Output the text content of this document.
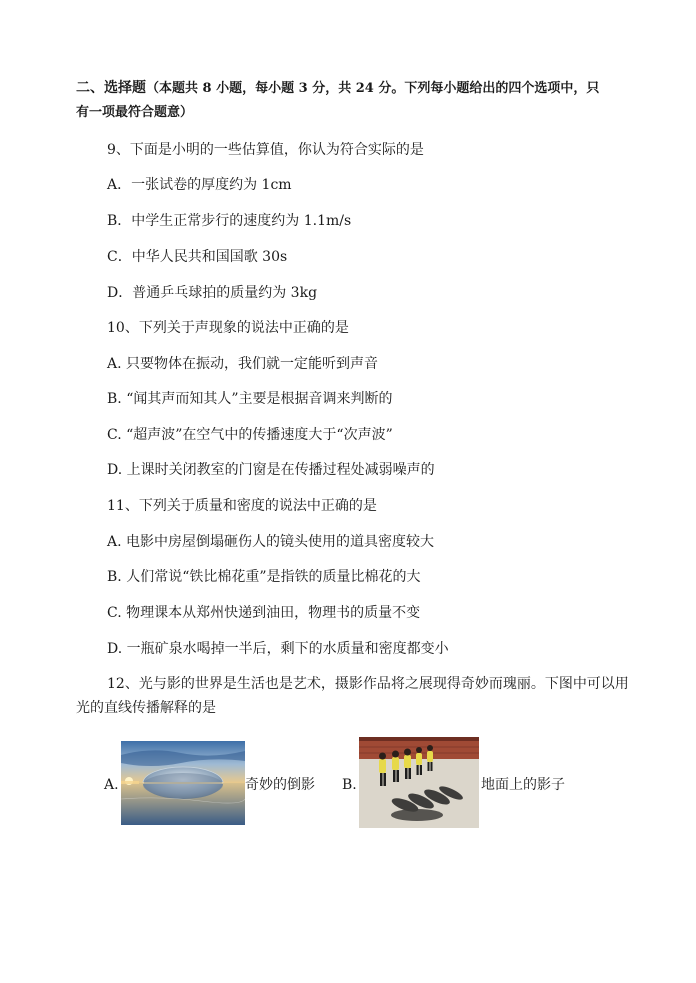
二、选择题（本题共 8 小题，每小题 3 分，共 24 分。下列每小题给出的四个选项中，只
有一项最符合题意）
9、下面是小明的一些估算值，你认为符合实际的是
A．一张试卷的厚度约为 1cm
B．中学生正常步行的速度约为 1.1m/s
C．中华人民共和国国歌 30s
D．普通乒乓球拍的质量约为 3kg
10、下列关于声现象的说法中正确的是
A. 只要物体在振动，我们就一定能听到声音
B. “闻其声而知其人”主要是根据音调来判断的
C. “超声波”在空气中的传播速度大于“次声波”
D. 上课时关闭教室的门窗是在传播过程处减弱噪声的
11、下列关于质量和密度的说法中正确的是
A. 电影中房屋倒塌砸伤人的镜头使用的道具密度较大
B. 人们常说“铁比棉花重”是指铁的质量比棉花的大
C. 物理课本从郑州快递到油田，物理书的质量不变
D. 一瓶矿泉水喝掉一半后，剩下的水质量和密度都变小
12、光与影的世界是生活也是艺术，摄影作品将之展现得奇妙而瑰丽。下图中可以用
光的直线传播解释的是
A.	奇妙的倒影 B.	地面上的影子
